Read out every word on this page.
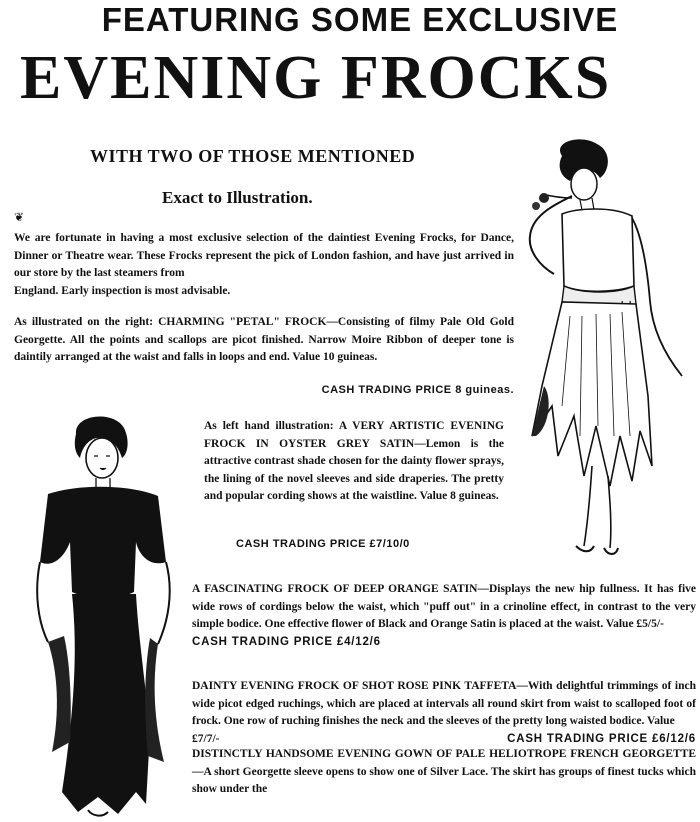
FEATURING SOME EXCLUSIVE
EVENING FROCKS
WITH TWO OF THOSE MENTIONED
Exact to Illustration.
❦
We are fortunate in having a most exclusive selection of the daintiest Evening Frocks, for Dance, Dinner or Theatre wear. These Frocks represent the pick of London fashion, and have just arrived in our store by the last steamers from
England. Early inspection is most advisable.
As illustrated on the right: CHARMING "PETAL" FROCK—Consisting of filmy Pale Old Gold Georgette. All the points and scallops are picot finished. Narrow Moire Ribbon of deeper tone is daintily arranged at the waist and falls in loops and end. Value 10 guineas.
CASH TRADING PRICE 8 guineas.
As left hand illustration: A VERY ARTISTIC EVENING FROCK IN OYSTER GREY SATIN—Lemon is the attractive contrast shade chosen for the dainty flower sprays, the lining of the novel sleeves and side draperies. The pretty and popular cording shows at the waistline. Value 8 guineas.
CASH TRADING PRICE £7/10/0
A FASCINATING FROCK OF DEEP ORANGE SATIN—Displays the new hip fullness. It has five wide rows of cordings below the waist, which "puff out" in a crinoline effect, in contrast to the very simple bodice. One effective flower of Black and Orange Satin is placed at the waist. Value £5/5/-
CASH TRADING PRICE £4/12/6
DAINTY EVENING FROCK OF SHOT ROSE PINK TAFFETA—With delightful trimmings of inch wide picot edged ruchings, which are placed at intervals all round skirt from waist to scalloped foot of frock. One row of ruching finishes the neck and the sleeves of the pretty long waisted bodice. Value
£7/7/-	CASH TRADING PRICE £6/12/6
DISTINCTLY HANDSOME EVENING GOWN OF PALE HELIOTROPE FRENCH GEORGETTE—A short Georgette sleeve opens to show one of Silver Lace. The skirt has groups of finest tucks which show under the
